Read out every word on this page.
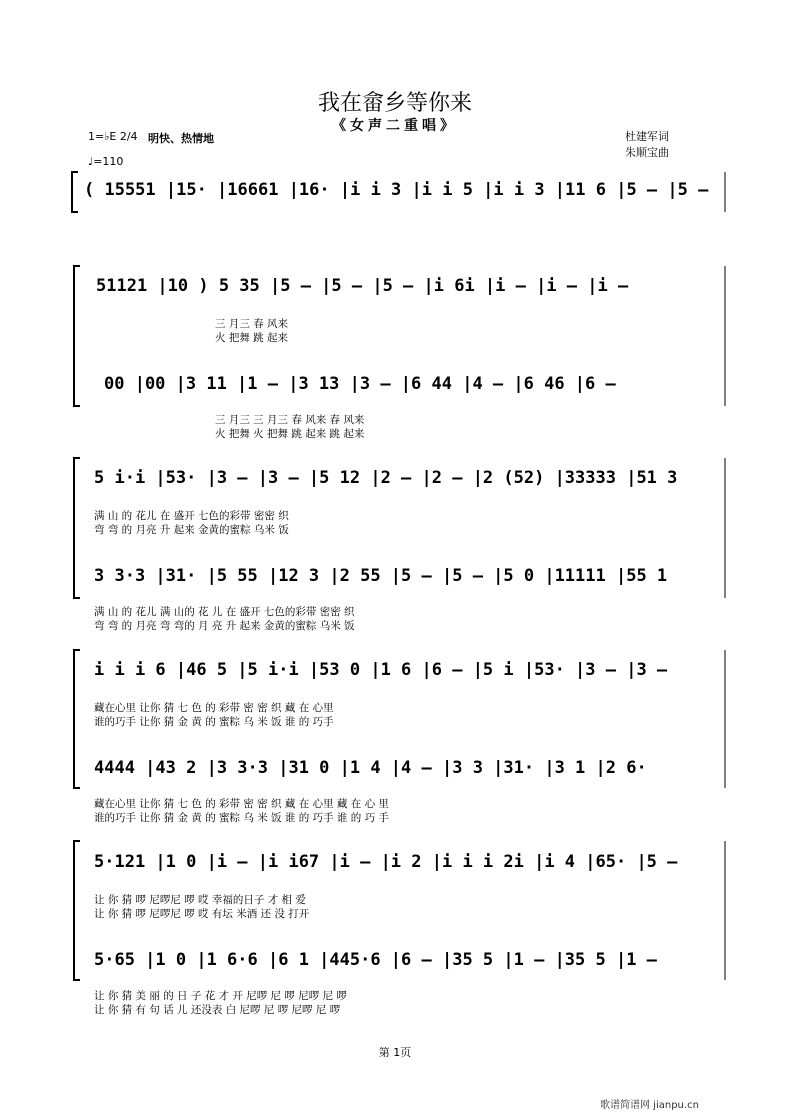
我在畲乡等你来
《女声二重唱》
1=♭E 2/4 明快、热情地
♩=110
杜建军词
朱顺宝曲
( 15551 |15· |16661 |16· |i i 3 |i i 5 |i i 3 |11 6 |5 – |5 –
51121 |10 ) 5 35 |5 – |5 – |5 – |i 6i |i – |i – |i –
三 月三 春 风来
火 把舞 跳 起来
00 |00 |3 11 |1 – |3 13 |3 – |6 44 |4 – |6 46 |6 –
三 月三 三 月三 春 风来 春 风来
火 把舞 火 把舞 跳 起来 跳 起来
5 i·i |53· |3 – |3 – |5 12 |2 – |2 – |2 (52) |33333 |51 3
满 山 的 花儿 在 盛开 七色的彩带 密密 织
弯 弯 的 月亮 升 起来 金黄的蜜粽 乌米 饭
3 3·3 |31· |5 55 |12 3 |2 55 |5 – |5 – |5 0 |11111 |55 1
满 山 的 花儿 满 山的 花 儿 在 盛开 七色的彩带 密密 织
弯 弯 的 月亮 弯 弯的 月 亮 升 起来 金黄的蜜粽 乌米 饭
i i i 6 |46 5 |5 i·i |53 0 |1 6 |6 – |5 i |53· |3 – |3 –
藏在心里 让你 猜 七 色 的 彩带 密 密 织 藏 在 心里
谁的巧手 让你 猜 金 黄 的 蜜粽 乌 米 饭 谁 的 巧手
4444 |43 2 |3 3·3 |31 0 |1 4 |4 – |3 3 |31· |3 1 |2 6·
藏在心里 让你 猜 七 色 的 彩带 密 密 织 藏 在 心里 藏 在 心 里
谁的巧手 让你 猜 金 黄 的 蜜粽 乌 米 饭 谁 的 巧手 谁 的 巧 手
5·121 |1 0 |i – |i i67 |i – |i 2 |i i i 2i |i 4 |65· |5 –
让 你 猜 啰 尼啰尼 啰 哎 幸福的日子 才 相 爱
让 你 猜 啰 尼啰尼 啰 哎 有坛 米酒 还 没 打开
5·65 |1 0 |1 6·6 |6 1 |445·6 |6 – |35 5 |1 – |35 5 |1 –
让 你 猜 美 丽 的 日 子 花 才 开 尼啰 尼 啰 尼啰 尼 啰
让 你 猜 有 句 话 儿 还没表 白 尼啰 尼 啰 尼啰 尼 啰
第 1页
歌谱简谱网 jianpu.cn
